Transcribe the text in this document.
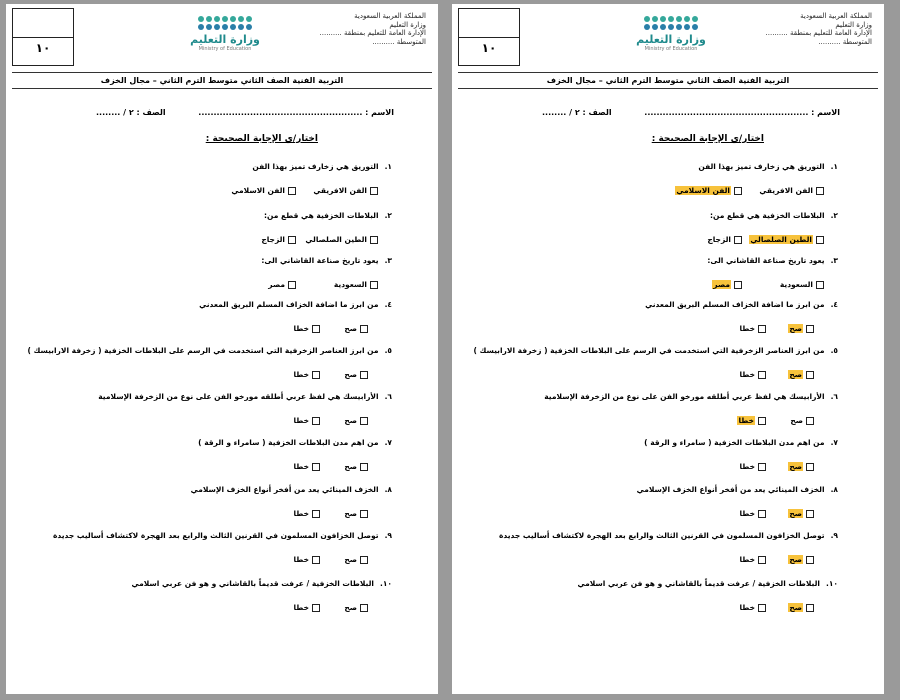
المملكة العربية السعودية
وزارة التعليم
الإدارة العامة للتعليم بمنطقة ..........
المتوسطة ..........
وزارة التعليم
Ministry of Education
١٠
التربية الفنية الصف الثاني متوسط الترم الثاني – مجال الخزف
الاسم : ......................................................
الصف : ٢ / ........
اختار/ي الإجابة الصحيحة :
١.التوريق هي زخارف تميز بهذا الفن
الفن الافريقي
الفن الاسلامي
٢.البلاطات الخزفية هي قطع من:
الطين الصلصالي
الزجاج
٣.يعود تاريخ صناعة القاشاني الى:
السعودية
مصر
٤.من ابرز ما اضافة الخزاف المسلم البريق المعدني
صح
خطا
٥.من ابرز العناصر الزخرفية التي استخدمت في الرسم على البلاطات الخزفية ( زخرفة الارابيسك )
صح
خطا
٦.الأرابيسك هي لفظ عربي أطلقه مورخو الفن على نوع من الزخرفة الإسلامية
صح
خطا
٧.من اهم مدن البلاطات الخزفية ( سامراء و الرقة )
صح
خطا
٨.الخزف المينائي يعد من أفخر أنواع الخزف الإسلامي
صح
خطا
٩.توصل الخزافون المسلمون في القرنين الثالث والرابع بعد الهجرة لاكتشاف أساليب جديدة
صح
خطا
١٠.البلاطات الخزفية / عرفت قديماً بالقاشاني و هو فن عربي اسلامي
صح
خطا
المملكة العربية السعودية
وزارة التعليم
الإدارة العامة للتعليم بمنطقة ..........
المتوسطة ..........
وزارة التعليم
Ministry of Education
١٠
التربية الفنية الصف الثاني متوسط الترم الثاني – مجال الخزف
الاسم : ......................................................
الصف : ٢ / ........
اختار/ي الإجابة الصحيحة :
١.التوريق هي زخارف تميز بهذا الفن
الفن الافريقي
الفن الاسلامي
٢.البلاطات الخزفية هي قطع من:
الطين الصلصالي
الزجاج
٣.يعود تاريخ صناعة القاشاني الى:
السعودية
مصر
٤.من ابرز ما اضافة الخزاف المسلم البريق المعدني
صح
خطا
٥.من ابرز العناصر الزخرفية التي استخدمت في الرسم على البلاطات الخزفية ( زخرفة الارابيسك )
صح
خطا
٦.الأرابيسك هي لفظ عربي أطلقه مورخو الفن على نوع من الزخرفة الإسلامية
صح
خطا
٧.من اهم مدن البلاطات الخزفية ( سامراء و الرقة )
صح
خطا
٨.الخزف المينائي يعد من أفخر أنواع الخزف الإسلامي
صح
خطا
٩.توصل الخزافون المسلمون في القرنين الثالث والرابع بعد الهجرة لاكتشاف أساليب جديدة
صح
خطا
١٠.البلاطات الخزفية / عرفت قديماً بالقاشاني و هو فن عربي اسلامي
صح
خطا
